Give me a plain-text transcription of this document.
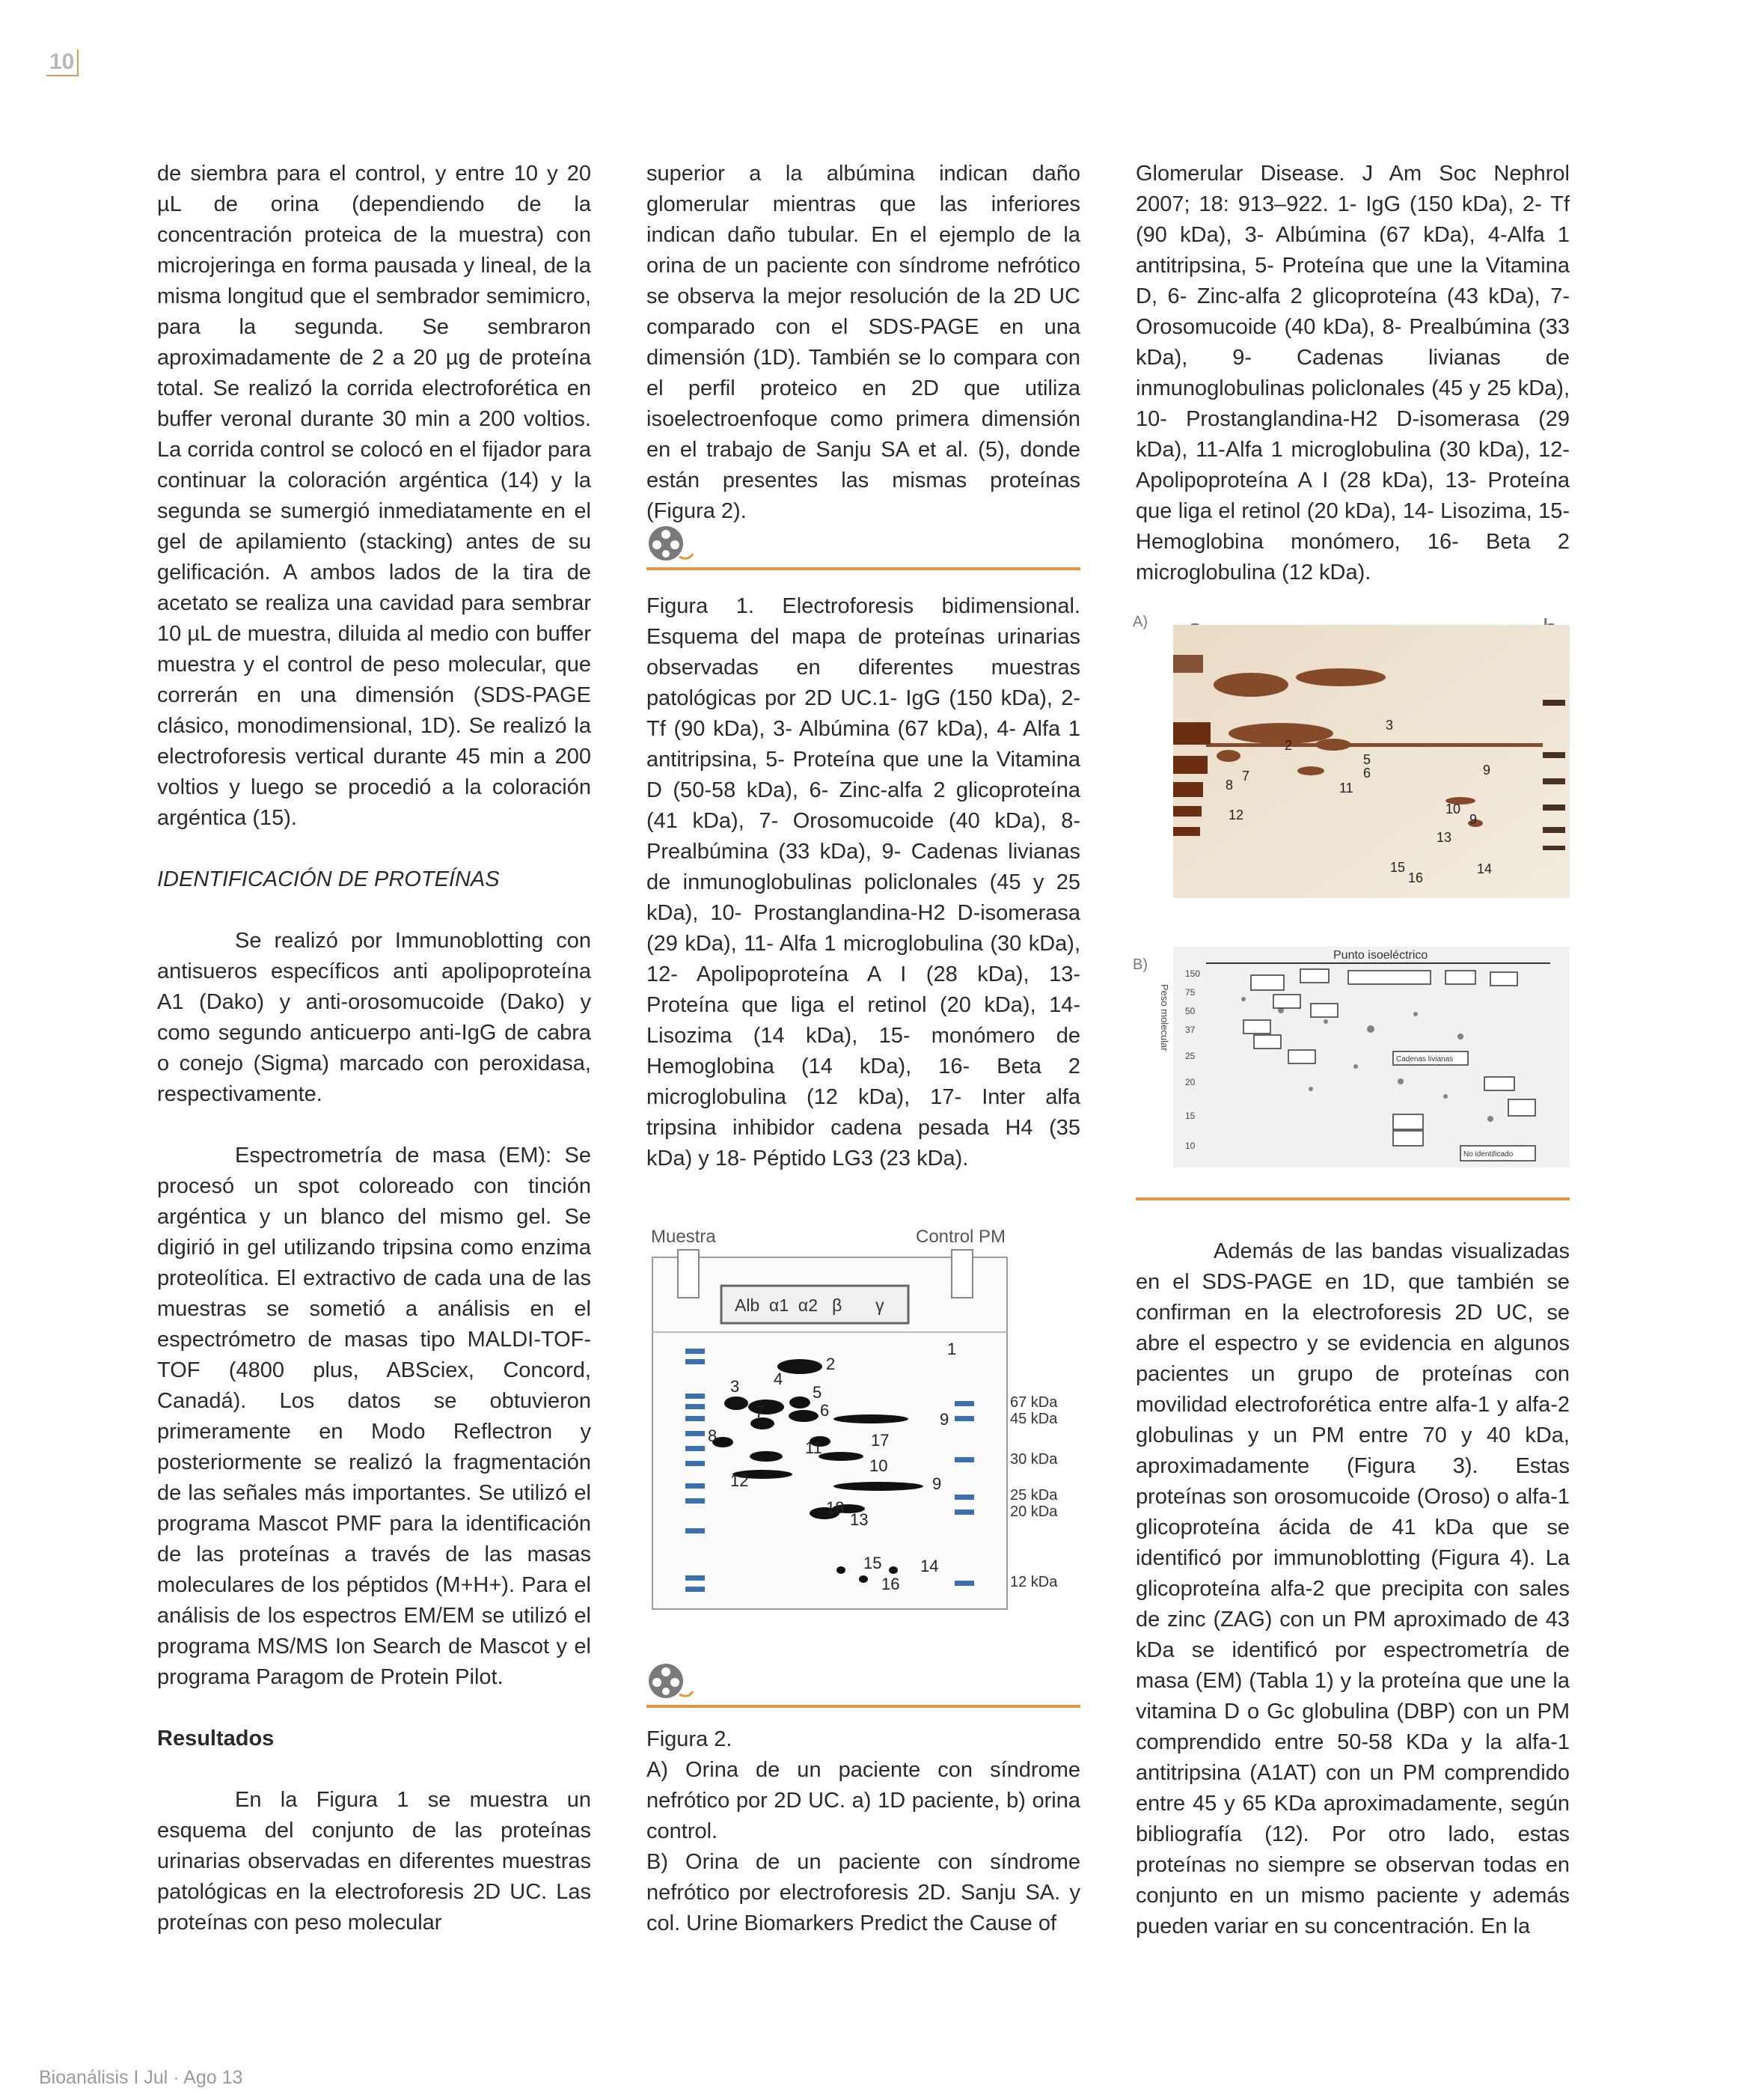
10

de siembra para el control, y entre 10 y 20 µL de orina (dependiendo de la concentración proteica de la muestra) con microjeringa en forma pausada y lineal, de la misma longitud que el sembrador semimicro, para la segunda. Se sembraron aproximadamente de 2 a 20 µg de proteína total. Se realizó la corrida electroforética en buffer veronal durante 30 min a 200 voltios. La corrida control se colocó en el fijador para continuar la coloración argéntica (14) y la segunda se sumergió inmediatamente en el gel de apilamiento (stacking) antes de su gelificación. A ambos lados de la tira de acetato se realiza una cavidad para sembrar 10 µL de muestra, diluida al medio con buffer muestra y el control de peso molecular, que correrán en una dimensión (SDS-PAGE clásico, monodimensional, 1D). Se realizó la electroforesis vertical durante 45 min a 200 voltios y luego se procedió a la coloración argéntica (15).

IDENTIFICACIÓN DE PROTEÍNAS

Se realizó por Immunoblotting con antisueros específicos anti apolipoproteína A1 (Dako) y anti-orosomucoide (Dako) y como segundo anticuerpo anti-IgG de cabra o conejo (Sigma) marcado con peroxidasa, respectivamente.

Espectrometría de masa (EM): Se procesó un spot coloreado con tinción argéntica y un blanco del mismo gel. Se digirió in gel utilizando tripsina como enzima proteolítica. El extractivo de cada una de las muestras se sometió a análisis en el espectrómetro de masas tipo MALDI-TOF-TOF (4800 plus, ABSciex, Concord, Canadá). Los datos se obtuvieron primeramente en Modo Reflectron y posteriormente se realizó la fragmentación de las señales más importantes. Se utilizó el programa Mascot PMF para la identificación de las proteínas a través de las masas moleculares de los péptidos (M+H+). Para el análisis de los espectros EM/EM se utilizó el programa MS/MS Ion Search de Mascot y el programa Paragom de Protein Pilot.

Resultados

En la Figura 1 se muestra un esquema del conjunto de las proteínas urinarias observadas en diferentes muestras patológicas en la electroforesis 2D UC. Las proteínas con peso molecular

superior a la albúmina indican daño glomerular mientras que las inferiores indican daño tubular. En el ejemplo de la orina de un paciente con síndrome nefrótico se observa la mejor resolución de la 2D UC comparado con el SDS-PAGE en una dimensión (1D). También se lo compara con el perfil proteico en 2D que utiliza isoelectroenfoque como primera dimensión en el trabajo de Sanju SA et al. (5), donde están presentes las mismas proteínas (Figura 2).

Figura 1. Electroforesis bidimensional. Esquema del mapa de proteínas urinarias observadas en diferentes muestras patológicas por 2D UC.1- IgG (150 kDa), 2- Tf (90 kDa), 3- Albúmina (67 kDa), 4- Alfa 1 antitripsina, 5- Proteína que une la Vitamina D (50-58 kDa), 6- Zinc-alfa 2 glicoproteína (41 kDa), 7- Orosomucoide (40 kDa), 8- Prealbúmina (33 kDa), 9- Cadenas livianas de inmunoglobulinas policlonales (45 y 25 kDa), 10- Prostanglandina-H2 D-isomerasa (29 kDa), 11- Alfa 1 microglobulina (30 kDa), 12- Apolipoproteína A I (28 kDa), 13- Proteína que liga el retinol (20 kDa), 14- Lisozima (14 kDa), 15- monómero de Hemoglobina (14 kDa), 16- Beta 2 microglobulina (12 kDa), 17- Inter alfa tripsina inhibidor cadena pesada H4 (35 kDa) y 18- Péptido LG3 (23 kDa).

Muestra	Control PM
Alb  α1  α2   β       γ
1
2
3 4
5
6
7
8
9
10
11
12
13
14
15
16
17
18
9
67 kDa
45 kDa
30 kDa
25 kDa
20 kDa
12 kDa

Figura 2.

A) Orina de un paciente con síndrome nefrótico por 2D UC. a) 1D paciente, b) orina control.

B) Orina de un paciente con síndrome nefrótico por electroforesis 2D. Sanju SA. y col. Urine Biomarkers Predict the Cause of

Glomerular Disease. J Am Soc Nephrol 2007; 18: 913–922. 1- IgG (150 kDa), 2- Tf (90 kDa), 3- Albúmina (67 kDa), 4-Alfa 1 antitripsina, 5- Proteína que une la Vitamina D, 6- Zinc-alfa 2 glicoproteína (43 kDa), 7- Orosomucoide (40 kDa), 8- Prealbúmina (33 kDa), 9- Cadenas livianas de inmunoglobulinas policlonales (45 y 25 kDa), 10- Prostanglandina-H2 D-isomerasa (29 kDa), 11-Alfa 1 microglobulina (30 kDa), 12-Apolipoproteína A I (28 kDa), 13- Proteína que liga el retinol (20 kDa), 14- Lisozima, 15- Hemoglobina monómero, 16- Beta 2 microglobulina (12 kDa).

A)
2
3
7
8
5
6
11
9
12	10
9
13
15
16
14
B)
Punto isoeléctrico
Peso molecular
150
75
50
37
25
20
15
10
Cadenas livianas
No identificado

Además de las bandas visualizadas en el SDS-PAGE en 1D, que también se confirman en la electroforesis 2D UC, se abre el espectro y se evidencia en algunos pacientes un grupo de proteínas con movilidad electroforética entre alfa-1 y alfa-2 globulinas y un PM entre 70 y 40 kDa, aproximadamente (Figura 3). Estas proteínas son orosomucoide (Oroso) o alfa-1 glicoproteína ácida de 41 kDa que se identificó por immunoblotting (Figura 4). La glicoproteína alfa-2 que precipita con sales de zinc (ZAG) con un PM aproximado de 43 kDa se identificó por espectrometría de masa (EM) (Tabla 1) y la proteína que une la vitamina D o Gc globulina (DBP) con un PM comprendido entre 50-58 KDa y la alfa-1 antitripsina (A1AT) con un PM comprendido entre 45 y 65 KDa aproximadamente, según bibliografía (12). Por otro lado, estas proteínas no siempre se observan todas en conjunto en un mismo paciente y además pueden variar en su concentración. En la

Bioanálisis I Jul · Ago 13
